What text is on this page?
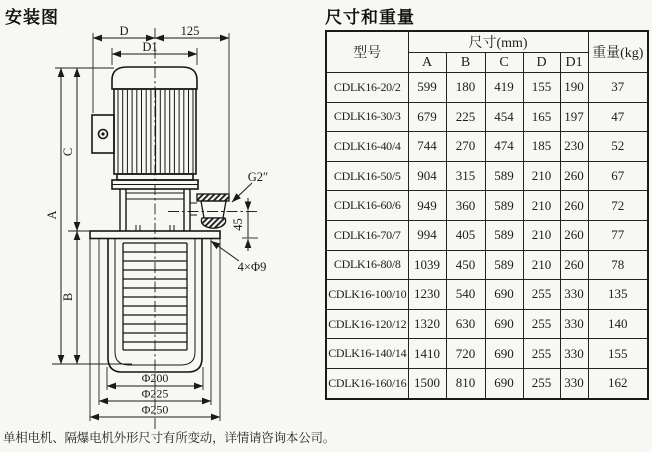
安装图	尺寸和重量
D	125
D1
A
C
B
45
G2″
4×Φ9
Φ200
Φ225
Φ250
型号	尺寸(mm)					重量(kg)
	A	B	C	D	D1	
CDLK16-20/2	599	180	419	155	190	37
CDLK16-30/3	679	225	454	165	197	47
CDLK16-40/4	744	270	474	185	230	52
CDLK16-50/5	904	315	589	210	260	67
CDLK16-60/6	949	360	589	210	260	72
CDLK16-70/7	994	405	589	210	260	77
CDLK16-80/8	1039	450	589	210	260	78
CDLK16-100/10	1230	540	690	255	330	135
CDLK16-120/12	1320	630	690	255	330	140
CDLK16-140/14	1410	720	690	255	330	155
CDLK16-160/16	1500	810	690	255	330	162
单相电机、隔爆电机外形尺寸有所变动，详情请咨询本公司。
